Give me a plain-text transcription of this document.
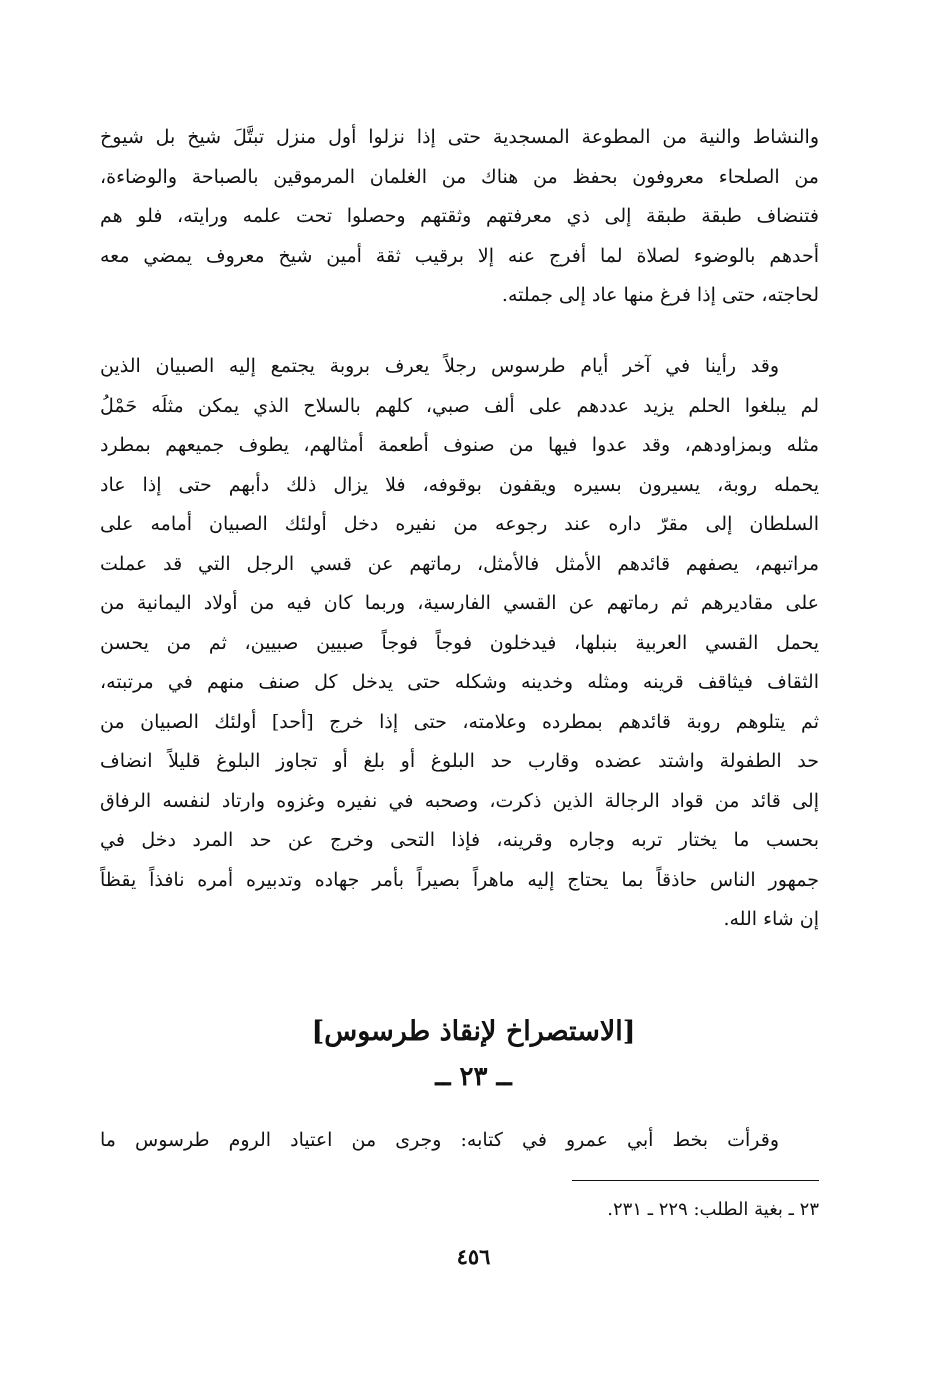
والنشاط والنية من المطوعة المسجدية حتى إذا نزلوا أول منزل تبتَّلَ شيخ بل شيوخ
من الصلحاء معروفون بحفظ من هناك من الغلمان المرموقين بالصباحة والوضاءة،
فتنضاف طبقة طبقة إلى ذي معرفتهم وثقتهم وحصلوا تحت علمه ورايته، فلو هم
أحدهم بالوضوء لصلاة لما أفرج عنه إلا برقيب ثقة أمين شيخ معروف يمضي معه
لحاجته، حتى إذا فرغ منها عاد إلى جملته.
وقد رأينا في آخر أيام طرسوس رجلاً يعرف بروبة يجتمع إليه الصبيان الذين
لم يبلغوا الحلم يزيد عددهم على ألف صبي، كلهم بالسلاح الذي يمكن مثلَه حَمْلُ
مثله وبمزاودهم، وقد عدوا فيها من صنوف أطعمة أمثالهم، يطوف جميعهم بمطرد
يحمله روبة، يسيرون بسيره ويقفون بوقوفه، فلا يزال ذلك دأبهم حتى إذا عاد
السلطان إلى مقرّ داره عند رجوعه من نفيره دخل أولئك الصبيان أمامه على
مراتبهم، يصفهم قائدهم الأمثل فالأمثل، رماتهم عن قسي الرجل التي قد عملت
على مقاديرهم ثم رماتهم عن القسي الفارسية، وربما كان فيه من أولاد اليمانية من
يحمل القسي العربية بنبلها، فيدخلون فوجاً فوجاً صبيين صبيين، ثم من يحسن
الثقاف فيثاقف قرينه ومثله وخدينه وشكله حتى يدخل كل صنف منهم في مرتبته،
ثم يتلوهم روبة قائدهم بمطرده وعلامته، حتى إذا خرج [أحد] أولئك الصبيان من
حد الطفولة واشتد عضده وقارب حد البلوغ أو بلغ أو تجاوز البلوغ قليلاً انضاف
إلى قائد من قواد الرجالة الذين ذكرت، وصحبه في نفيره وغزوه وارتاد لنفسه الرفاق
بحسب ما يختار تربه وجاره وقرينه، فإذا التحى وخرج عن حد المرد دخل في
جمهور الناس حاذقاً بما يحتاج إليه ماهراً بصيراً بأمر جهاده وتدبيره أمره نافذاً يقظاً
إن شاء الله.
[الاستصراخ لإنقاذ طرسوس]
ــ ٢٣ ــ
وقرأت بخط أبي عمرو في كتابه: وجرى من اعتياد الروم طرسوس ما
٢٣ ـ بغية الطلب: ٢٢٩ ـ ٢٣١.
٤٥٦
